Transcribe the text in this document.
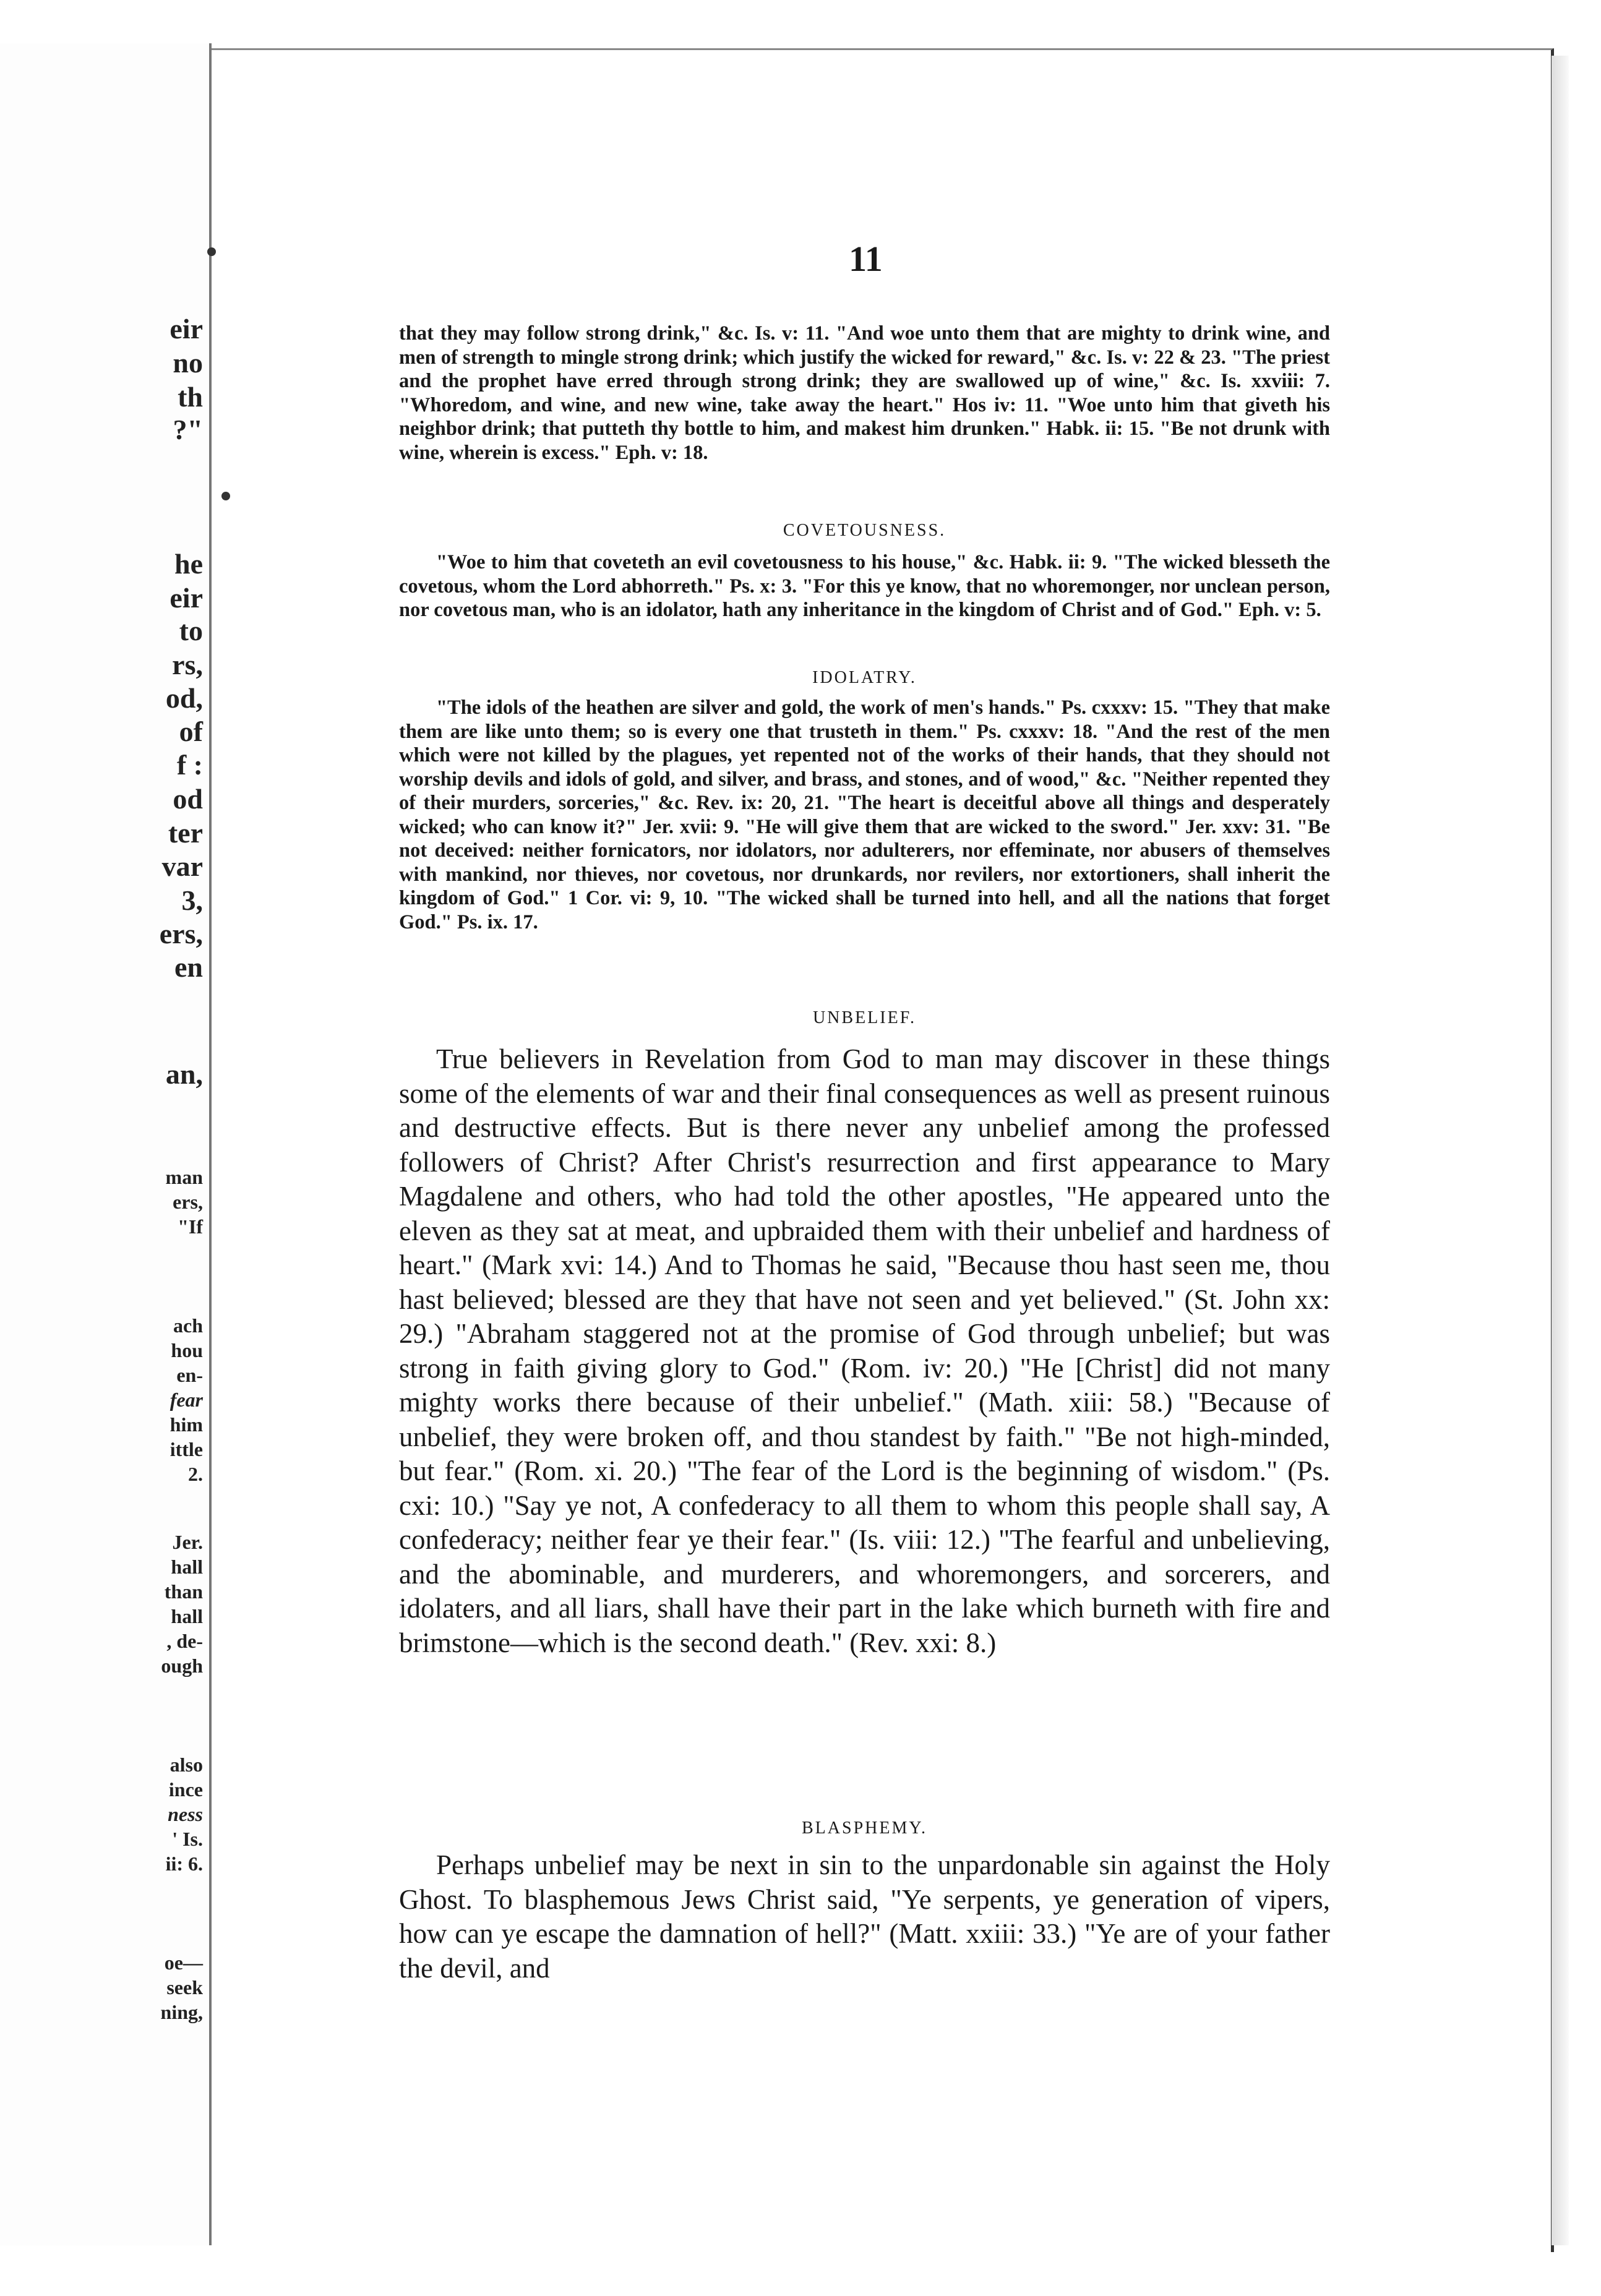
eir
no
th
?"
he
eir
to
rs,
od,
of
f :
od
ter
var
3,
ers,
en
an,
man
ers,
"If
ach
hou
en-
fear
him
ittle
2.
Jer.
hall
than
hall
, de-
ough
also
ince
ness
' Is.
ii: 6.
oe—
seek
ning,
11

that they may follow strong drink," &c. Is. v: 11. "And woe unto them that are mighty to drink wine, and men of strength to mingle strong drink; which justify the wicked for reward," &c. Is. v: 22 & 23. "The priest and the prophet have erred through strong drink; they are swallowed up of wine," &c. Is. xxviii: 7. "Whoredom, and wine, and new wine, take away the heart." Hos iv: 11. "Woe unto him that giveth his neighbor drink; that putteth thy bottle to him, and makest him drunken." Habk. ii: 15. "Be not drunk with wine, wherein is excess." Eph. v: 18.

COVETOUSNESS.

"Woe to him that coveteth an evil covetousness to his house," &c. Habk. ii: 9. "The wicked blesseth the covetous, whom the Lord abhorreth." Ps. x: 3. "For this ye know, that no whoremonger, nor unclean person, nor covetous man, who is an idolator, hath any inheritance in the kingdom of Christ and of God." Eph. v: 5.

IDOLATRY.

"The idols of the heathen are silver and gold, the work of men's hands." Ps. cxxxv: 15. "They that make them are like unto them; so is every one that trusteth in them." Ps. cxxxv: 18. "And the rest of the men which were not killed by the plagues, yet repented not of the works of their hands, that they should not worship devils and idols of gold, and silver, and brass, and stones, and of wood," &c. "Neither repented they of their murders, sorceries," &c. Rev. ix: 20, 21. "The heart is deceitful above all things and desperately wicked; who can know it?" Jer. xvii: 9. "He will give them that are wicked to the sword." Jer. xxv: 31. "Be not deceived: neither fornicators, nor idolators, nor adulterers, nor effeminate, nor abusers of themselves with mankind, nor thieves, nor covetous, nor drunkards, nor revilers, nor extortioners, shall inherit the kingdom of God." 1 Cor. vi: 9, 10. "The wicked shall be turned into hell, and all the nations that forget God." Ps. ix. 17.

UNBELIEF.

True believers in Revelation from God to man may discover in these things some of the elements of war and their final consequences as well as present ruinous and destructive effects. But is there never any unbelief among the professed followers of Christ? After Christ's resurrection and first appearance to Mary Magdalene and others, who had told the other apostles, "He appeared unto the eleven as they sat at meat, and upbraided them with their unbelief and hardness of heart." (Mark xvi: 14.) And to Thomas he said, "Because thou hast seen me, thou hast believed; blessed are they that have not seen and yet believed." (St. John xx: 29.) "Abraham staggered not at the promise of God through unbelief; but was strong in faith giving glory to God." (Rom. iv: 20.) "He [Christ] did not many mighty works there because of their unbelief." (Math. xiii: 58.) "Because of unbelief, they were broken off, and thou standest by faith." "Be not high-minded, but fear." (Rom. xi. 20.) "The fear of the Lord is the beginning of wisdom." (Ps. cxi: 10.) "Say ye not, A confederacy to all them to whom this people shall say, A confederacy; neither fear ye their fear." (Is. viii: 12.) "The fearful and unbelieving, and the abominable, and murderers, and whoremongers, and sorcerers, and idolaters, and all liars, shall have their part in the lake which burneth with fire and brimstone—which is the second death." (Rev. xxi: 8.)

BLASPHEMY.

Perhaps unbelief may be next in sin to the unpardonable sin against the Holy Ghost. To blasphemous Jews Christ said, "Ye serpents, ye generation of vipers, how can ye escape the damnation of hell?" (Matt. xxiii: 33.) "Ye are of your father the devil, and
